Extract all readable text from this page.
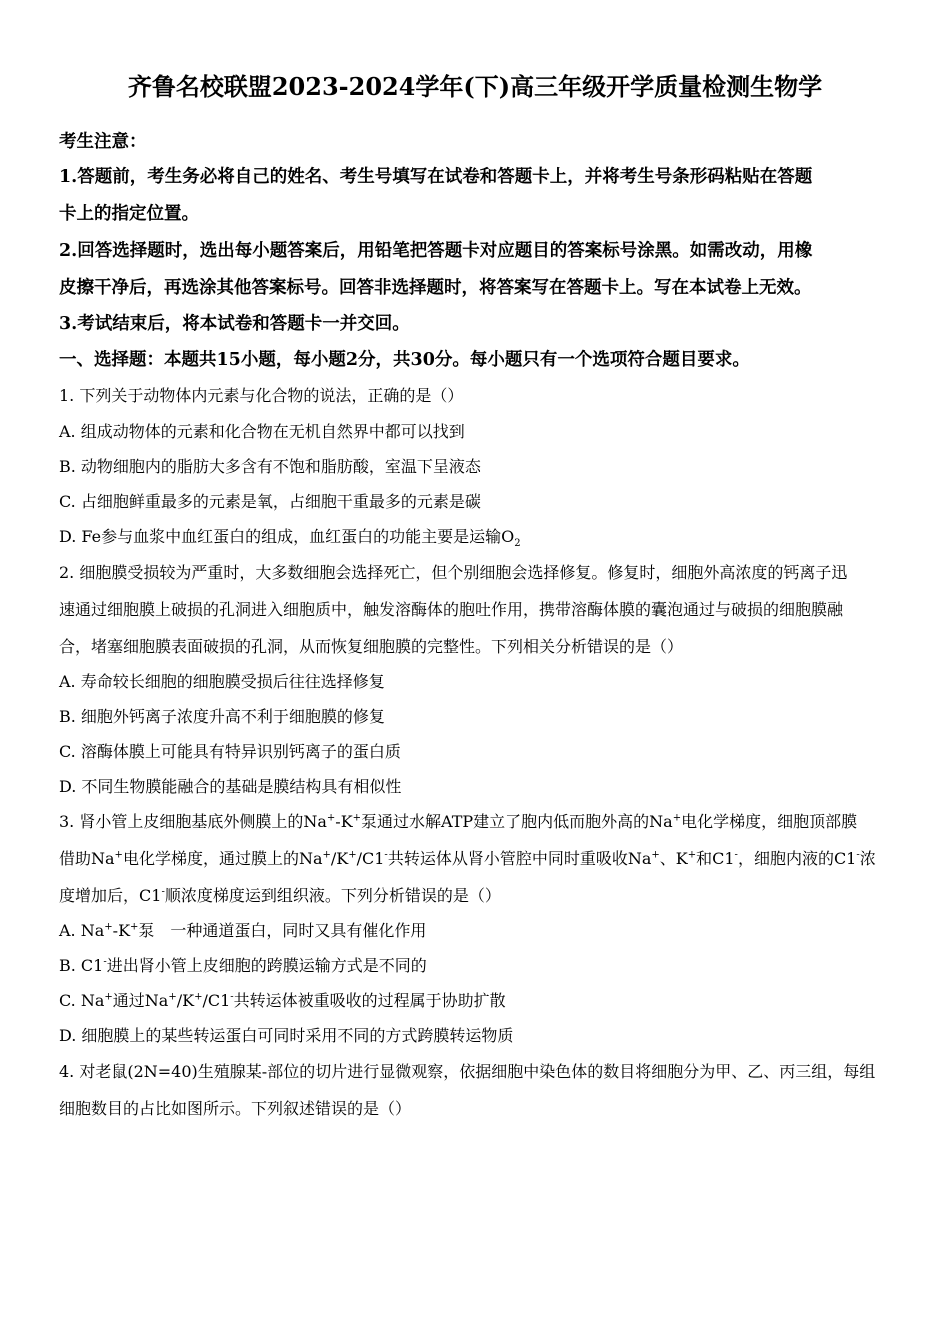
齐鲁名校联盟2023-2024学年(下)高三年级开学质量检测生物学
考生注意：
1.答题前，考生务必将自己的姓名、考生号填写在试卷和答题卡上，并将考生号条形码粘贴在答题
卡上的指定位置。
2.回答选择题时，选出每小题答案后，用铅笔把答题卡对应题目的答案标号涂黑。如需改动，用橡
皮擦干净后，再选涂其他答案标号。回答非选择题时，将答案写在答题卡上。写在本试卷上无效。
3.考试结束后，将本试卷和答题卡一并交回。
一、选择题：本题共15小题，每小题2分，共30分。每小题只有一个选项符合题目要求。
1. 下列关于动物体内元素与化合物的说法，正确的是（）
A. 组成动物体的元素和化合物在无机自然界中都可以找到
B. 动物细胞内的脂肪大多含有不饱和脂肪酸，室温下呈液态
C. 占细胞鲜重最多的元素是氧，占细胞干重最多的元素是碳
D. Fe参与血浆中血红蛋白的组成，血红蛋白的功能主要是运输$O_2$
2. 细胞膜受损较为严重时，大多数细胞会选择死亡，但个别细胞会选择修复。修复时，细胞外高浓度的钙离子迅
速通过细胞膜上破损的孔洞进入细胞质中，触发溶酶体的胞吐作用，携带溶酶体膜的囊泡通过与破损的细胞膜融
合，堵塞细胞膜表面破损的孔洞，从而恢复细胞膜的完整性。下列相关分析错误的是（）
A. 寿命较长细胞的细胞膜受损后往往选择修复
B. 细胞外钙离子浓度升高不利于细胞膜的修复
C. 溶酶体膜上可能具有特异识别钙离子的蛋白质
D. 不同生物膜能融合的基础是膜结构具有相似性
3. 肾小管上皮细胞基底外侧膜上的Na+-K+泵通过水解ATP建立了胞内低而胞外高的Na+电化学梯度，细胞顶部膜
借助Na+电化学梯度，通过膜上的Na+/K+/C1-共转运体从肾小管腔中同时重吸收Na+、K+和C1-，细胞内液的C1-浓
度增加后，C1-顺浓度梯度运到组织液。下列分析错误的是（）
A. Na+-K+泵　一种通道蛋白，同时又具有催化作用
B. C1-进出肾小管上皮细胞的跨膜运输方式是不同的
C. Na+通过Na+/K+/C1-共转运体被重吸收的过程属于协助扩散
D. 细胞膜上的某些转运蛋白可同时采用不同的方式跨膜转运物质
4. 对老鼠(2N=40)生殖腺某-部位的切片进行显微观察，依据细胞中染色体的数目将细胞分为甲、乙、丙三组，每组
细胞数目的占比如图所示。下列叙述错误的是（）
